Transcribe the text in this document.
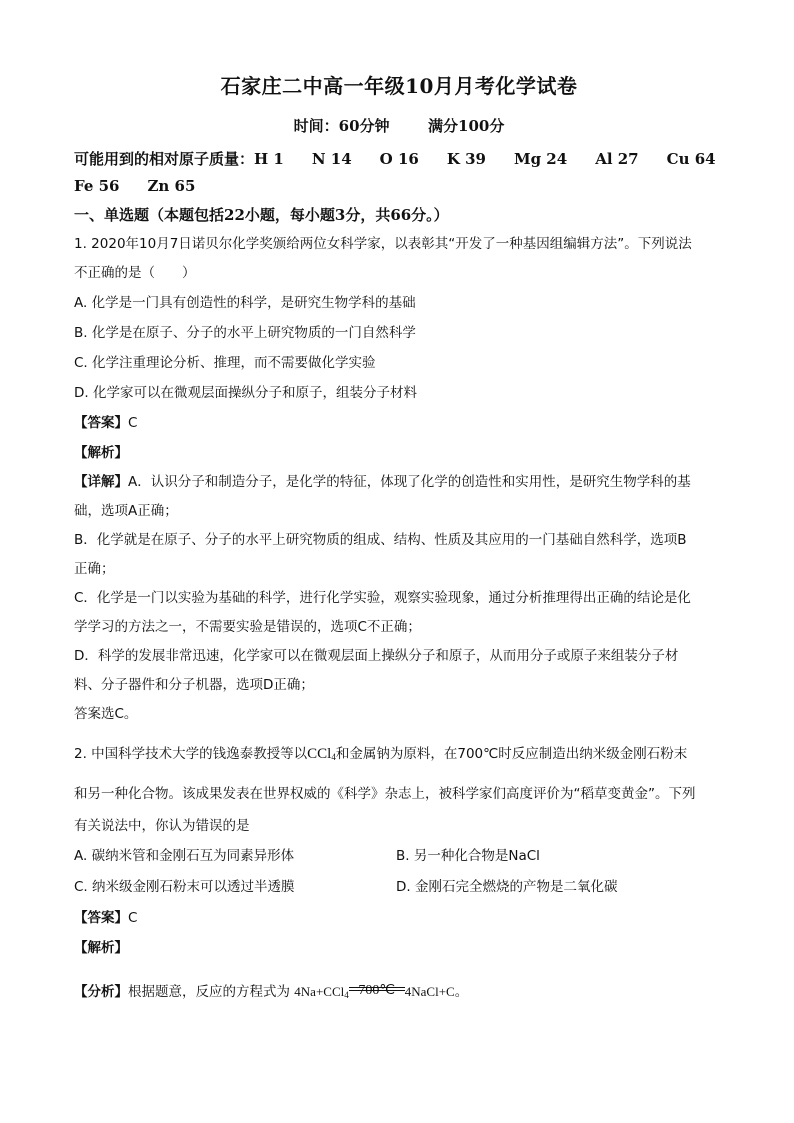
石家庄二中高一年级10月月考化学试卷
时间：60分钟	满分100分
可能用到的相对原子质量：H 1 N 14 O 16 K 39 Mg 24 Al 27 Cu 64
Fe 56 Zn 65
一、单选题（本题包括22小题，每小题3分，共66分。）
1. 2020年10月7日诺贝尔化学奖颁给两位女科学家，以表彰其“开发了一种基因组编辑方法”。下列说法
不正确的是（　　）
A. 化学是一门具有创造性的科学，是研究生物学科的基础
B. 化学是在原子、分子的水平上研究物质的一门自然科学
C. 化学注重理论分析、推理，而不需要做化学实验
D. 化学家可以在微观层面操纵分子和原子，组装分子材料
【答案】C
【解析】
【详解】A．认识分子和制造分子，是化学的特征，体现了化学的创造性和实用性，是研究生物学科的基
础，选项A正确；
B．化学就是在原子、分子的水平上研究物质的组成、结构、性质及其应用的一门基础自然科学，选项B
正确；
C．化学是一门以实验为基础的科学，进行化学实验，观察实验现象，通过分析推理得出正确的结论是化
学学习的方法之一，不需要实验是错误的，选项C不正确；
D．科学的发展非常迅速，化学家可以在微观层面上操纵分子和原子，从而用分子或原子来组装分子材
料、分子器件和分子机器，选项D正确；
答案选C。
2. 中国科学技术大学的钱逸泰教授等以CCl$_4$和金属钠为原料，在700℃时反应制造出纳米级金刚石粉末
和另一种化合物。该成果发表在世界权威的《科学》杂志上，被科学家们高度评价为“稻草变黄金”。下列
有关说法中，你认为错误的是
A. 碳纳米管和金刚石互为同素异形体	B. 另一种化合物是NaCl
C. 纳米级金刚石粉末可以透过半透膜	D. 金刚石完全燃烧的产物是二氧化碳
【答案】C
【解析】
【分析】根据题意，反应的方程式为 4Na+CCl$_4$ 700℃ 4NaCl+C。
